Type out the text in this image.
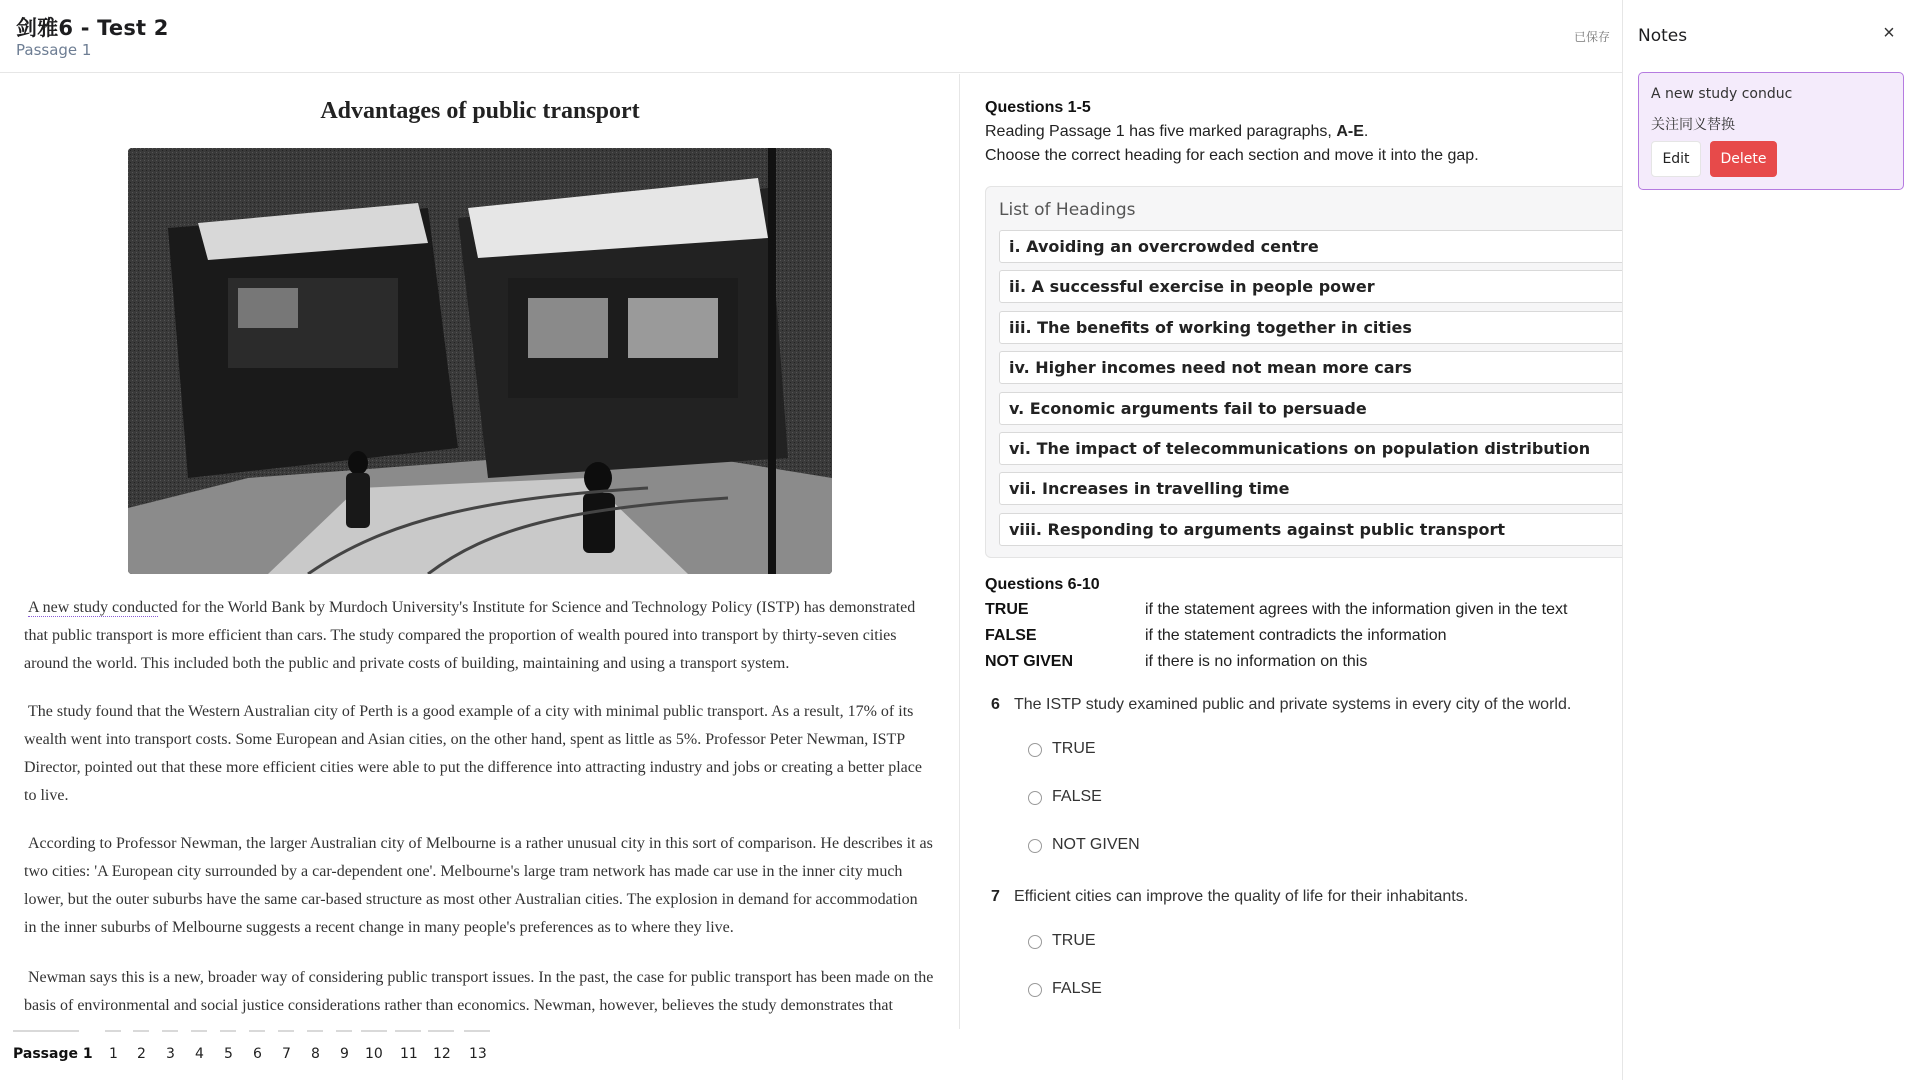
剑雅6 - Test 2
Passage 1
已保存
Advantages of public transport
A new study conducted for the World Bank by Murdoch University's Institute for Science and Technology Policy (ISTP) has demonstrated that public transport is more efficient than cars. The study compared the proportion of wealth poured into transport by thirty-seven cities around the world. This included both the public and private costs of building, maintaining and using a transport system.
The study found that the Western Australian city of Perth is a good example of a city with minimal public transport. As a result, 17% of its wealth went into transport costs. Some European and Asian cities, on the other hand, spent as little as 5%. Professor Peter Newman, ISTP Director, pointed out that these more efficient cities were able to put the difference into attracting industry and jobs or creating a better place to live.
According to Professor Newman, the larger Australian city of Melbourne is a rather unusual city in this sort of comparison. He describes it as two cities: 'A European city surrounded by a car-dependent one'. Melbourne's large tram network has made car use in the inner city much lower, but the outer suburbs have the same car-based structure as most other Australian cities. The explosion in demand for accommodation in the inner suburbs of Melbourne suggests a recent change in many people's preferences as to where they live.
Newman says this is a new, broader way of considering public transport issues. In the past, the case for public transport has been made on the basis of environmental and social justice considerations rather than economics. Newman, however, believes the study demonstrates that
Passage 1 1 2 3 4 5 6 7 8 9 10 11 12 13
Questions 1-5
Reading Passage 1 has five marked paragraphs, A-E.
Choose the correct heading for each section and move it into the gap.
List of Headings
i. Avoiding an overcrowded centre
ii. A successful exercise in people power
iii. The benefits of working together in cities
iv. Higher incomes need not mean more cars
v. Economic arguments fail to persuade
vi. The impact of telecommunications on population distribution
vii. Increases in travelling time
viii. Responding to arguments against public transport
Questions 6-10
TRUE	if the statement agrees with the information given in the text
FALSE	if the statement contradicts the information
NOT GIVEN	if there is no information on this
6 The ISTP study examined public and private systems in every city of the world.
TRUE
FALSE
NOT GIVEN
7 Efficient cities can improve the quality of life for their inhabitants.
TRUE
FALSE
Notes	×
A new study conduc
关注同义替换
Edit	Delete
